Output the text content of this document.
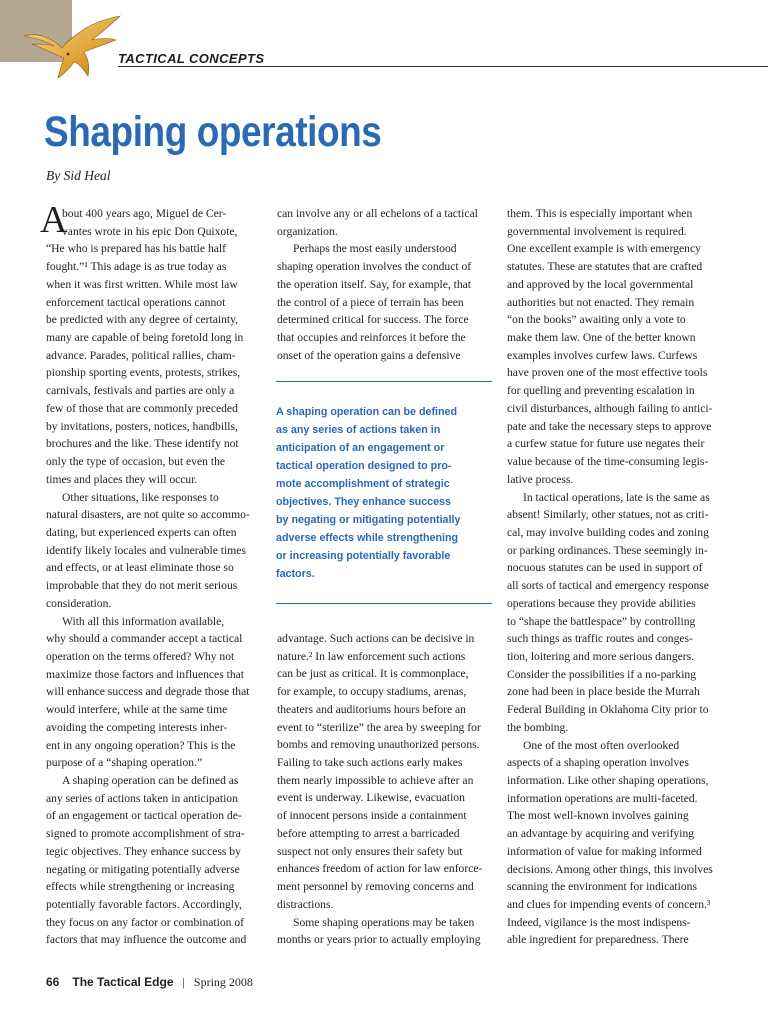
TACTICAL CONCEPTS
Shaping operations
By Sid Heal
A
bout 400 years ago, Miguel de Cer-
vantes wrote in his epic Don Quixote,
“He who is prepared has his battle half
fought.”¹ This adage is as true today as
when it was first written. While most law
enforcement tactical operations cannot
be predicted with any degree of certainty,
many are capable of being foretold long in
advance. Parades, political rallies, cham-
pionship sporting events, protests, strikes,
carnivals, festivals and parties are only a
few of those that are commonly preceded
by invitations, posters, notices, handbills,
brochures and the like. These identify not
only the type of occasion, but even the
times and places they will occur.
Other situations, like responses to
natural disasters, are not quite so accommo-
dating, but experienced experts can often
identify likely locales and vulnerable times
and effects, or at least eliminate those so
improbable that they do not merit serious
consideration.
With all this information available,
why should a commander accept a tactical
operation on the terms offered? Why not
maximize those factors and influences that
will enhance success and degrade those that
would interfere, while at the same time
avoiding the competing interests inher-
ent in any ongoing operation? This is the
purpose of a “shaping operation.”
A shaping operation can be defined as
any series of actions taken in anticipation
of an engagement or tactical operation de-
signed to promote accomplishment of stra-
tegic objectives. They enhance success by
negating or mitigating potentially adverse
effects while strengthening or increasing
potentially favorable factors. Accordingly,
they focus on any factor or combination of
factors that may influence the outcome and
can involve any or all echelons of a tactical
organization.
Perhaps the most easily understood
shaping operation involves the conduct of
the operation itself. Say, for example, that
the control of a piece of terrain has been
determined critical for success. The force
that occupies and reinforces it before the
onset of the operation gains a defensive
A shaping operation can be defined
as any series of actions taken in
anticipation of an engagement or
tactical operation designed to pro-
mote accomplishment of strategic
objectives. They enhance success
by negating or mitigating potentially
adverse effects while strengthening
or increasing potentially favorable
factors.
advantage. Such actions can be decisive in
nature.² In law enforcement such actions
can be just as critical. It is commonplace,
for example, to occupy stadiums, arenas,
theaters and auditoriums hours before an
event to “sterilize” the area by sweeping for
bombs and removing unauthorized persons.
Failing to take such actions early makes
them nearly impossible to achieve after an
event is underway. Likewise, evacuation
of innocent persons inside a containment
before attempting to arrest a barricaded
suspect not only ensures their safety but
enhances freedom of action for law enforce-
ment personnel by removing concerns and
distractions.
Some shaping operations may be taken
months or years prior to actually employing
them. This is especially important when
governmental involvement is required.
One excellent example is with emergency
statutes. These are statutes that are crafted
and approved by the local governmental
authorities but not enacted. They remain
“on the books” awaiting only a vote to
make them law. One of the better known
examples involves curfew laws. Curfews
have proven one of the most effective tools
for quelling and preventing escalation in
civil disturbances, although failing to antici-
pate and take the necessary steps to approve
a curfew statue for future use negates their
value because of the time-consuming legis-
lative process.
In tactical operations, late is the same as
absent! Similarly, other statues, not as criti-
cal, may involve building codes and zoning
or parking ordinances. These seemingly in-
nocuous statutes can be used in support of
all sorts of tactical and emergency response
operations because they provide abilities
to “shape the battlespace” by controlling
such things as traffic routes and conges-
tion, loitering and more serious dangers.
Consider the possibilities if a no-parking
zone had been in place beside the Murrah
Federal Building in Oklahoma City prior to
the bombing.
One of the most often overlooked
aspects of a shaping operation involves
information. Like other shaping operations,
information operations are multi-faceted.
The most well-known involves gaining
an advantage by acquiring and verifying
information of value for making informed
decisions. Among other things, this involves
scanning the environment for indications
and clues for impending events of concern.³
Indeed, vigilance is the most indispens-
able ingredient for preparedness. There
66 The Tactical Edge | Spring 2008
